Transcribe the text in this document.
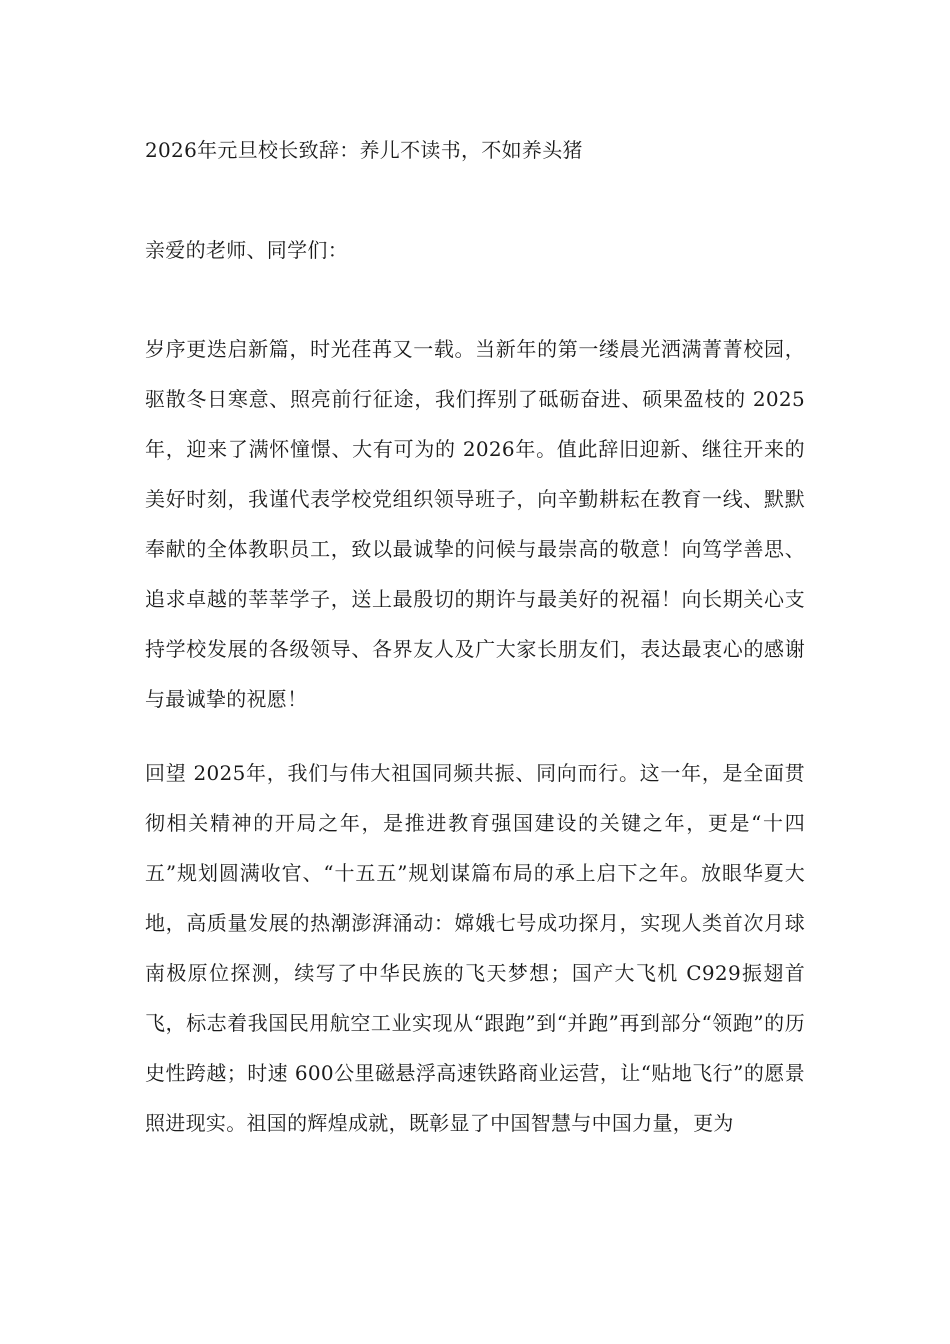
2026年元旦校长致辞：养儿不读书，不如养头猪

亲爱的老师、同学们：

岁序更迭启新篇，时光荏苒又一载。当新年的第一缕晨光洒满菁菁校园，驱散冬日寒意、照亮前行征途，我们挥别了砥砺奋进、硕果盈枝的 2025年，迎来了满怀憧憬、大有可为的 2026年。值此辞旧迎新、继往开来的美好时刻，我谨代表学校党组织领导班子，向辛勤耕耘在教育一线、默默奉献的全体教职员工，致以最诚挚的问候与最崇高的敬意！向笃学善思、追求卓越的莘莘学子，送上最殷切的期许与最美好的祝福！向长期关心支持学校发展的各级领导、各界友人及广大家长朋友们，表达最衷心的感谢与最诚挚的祝愿！

回望 2025年，我们与伟大祖国同频共振、同向而行。这一年，是全面贯彻相关精神的开局之年，是推进教育强国建设的关键之年，更是“十四五”规划圆满收官、“十五五”规划谋篇布局的承上启下之年。放眼华夏大地，高质量发展的热潮澎湃涌动：嫦娥七号成功探月，实现人类首次月球南极原位探测，续写了中华民族的飞天梦想；国产大飞机 C929振翅首飞，标志着我国民用航空工业实现从“跟跑”到“并跑”再到部分“领跑”的历史性跨越；时速 600公里磁悬浮高速铁路商业运营，让“贴地飞行”的愿景照进现实。祖国的辉煌成就，既彰显了中国智慧与中国力量，更为
